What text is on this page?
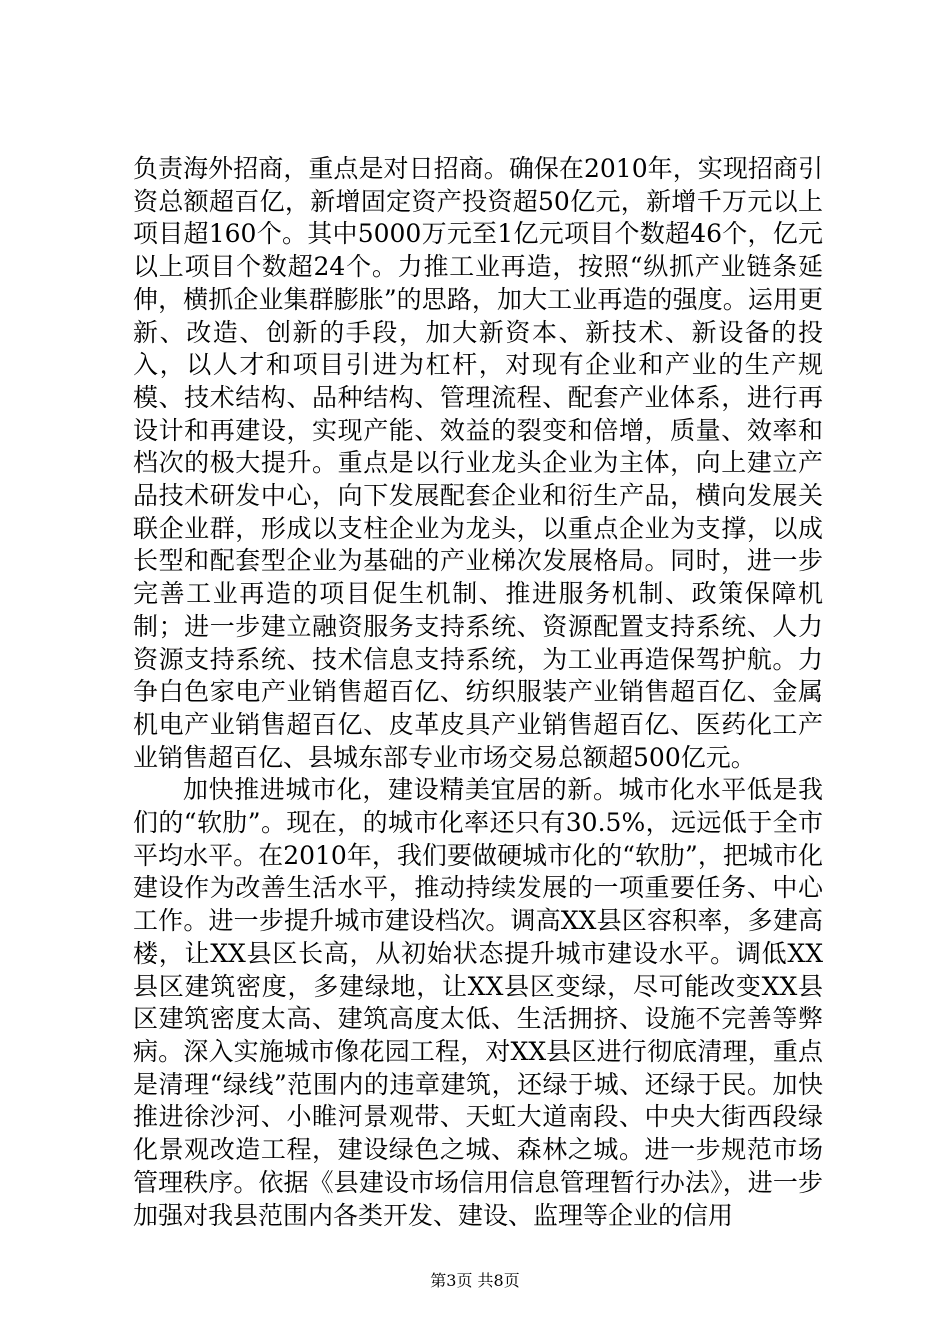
负责海外招商，重点是对日招商。确保在2010年，实现招商引资总额超百亿，新增固定资产投资超50亿元，新增千万元以上项目超160个。其中5000万元至1亿元项目个数超46个，亿元以上项目个数超24个。力推工业再造，按照“纵抓产业链条延伸，横抓企业集群膨胀”的思路，加大工业再造的强度。运用更新、改造、创新的手段，加大新资本、新技术、新设备的投入，以人才和项目引进为杠杆，对现有企业和产业的生产规模、技术结构、品种结构、管理流程、配套产业体系，进行再设计和再建设，实现产能、效益的裂变和倍增，质量、效率和档次的极大提升。重点是以行业龙头企业为主体，向上建立产品技术研发中心，向下发展配套企业和衍生产品，横向发展关联企业群，形成以支柱企业为龙头，以重点企业为支撑，以成长型和配套型企业为基础的产业梯次发展格局。同时，进一步完善工业再造的项目促生机制、推进服务机制、政策保障机制；进一步建立融资服务支持系统、资源配置支持系统、人力资源支持系统、技术信息支持系统，为工业再造保驾护航。力争白色家电产业销售超百亿、纺织服装产业销售超百亿、金属机电产业销售超百亿、皮革皮具产业销售超百亿、医药化工产业销售超百亿、县城东部专业市场交易总额超500亿元。

加快推进城市化，建设精美宜居的新。城市化水平低是我们的“软肋”。现在，的城市化率还只有30.5%，远远低于全市平均水平。在2010年，我们要做硬城市化的“软肋”，把城市化建设作为改善生活水平，推动持续发展的一项重要任务、中心工作。进一步提升城市建设档次。调高XX县区容积率，多建高楼，让XX县区长高，从初始状态提升城市建设水平。调低XX县区建筑密度，多建绿地，让XX县区变绿，尽可能改变XX县区建筑密度太高、建筑高度太低、生活拥挤、设施不完善等弊病。深入实施城市像花园工程，对XX县区进行彻底清理，重点是清理“绿线”范围内的违章建筑，还绿于城、还绿于民。加快推进徐沙河、小睢河景观带、天虹大道南段、中央大街西段绿化景观改造工程，建设绿色之城、森林之城。进一步规范市场管理秩序。依据《县建设市场信用信息管理暂行办法》，进一步加强对我县范围内各类开发、建设、监理等企业的信用

第3页 共8页
